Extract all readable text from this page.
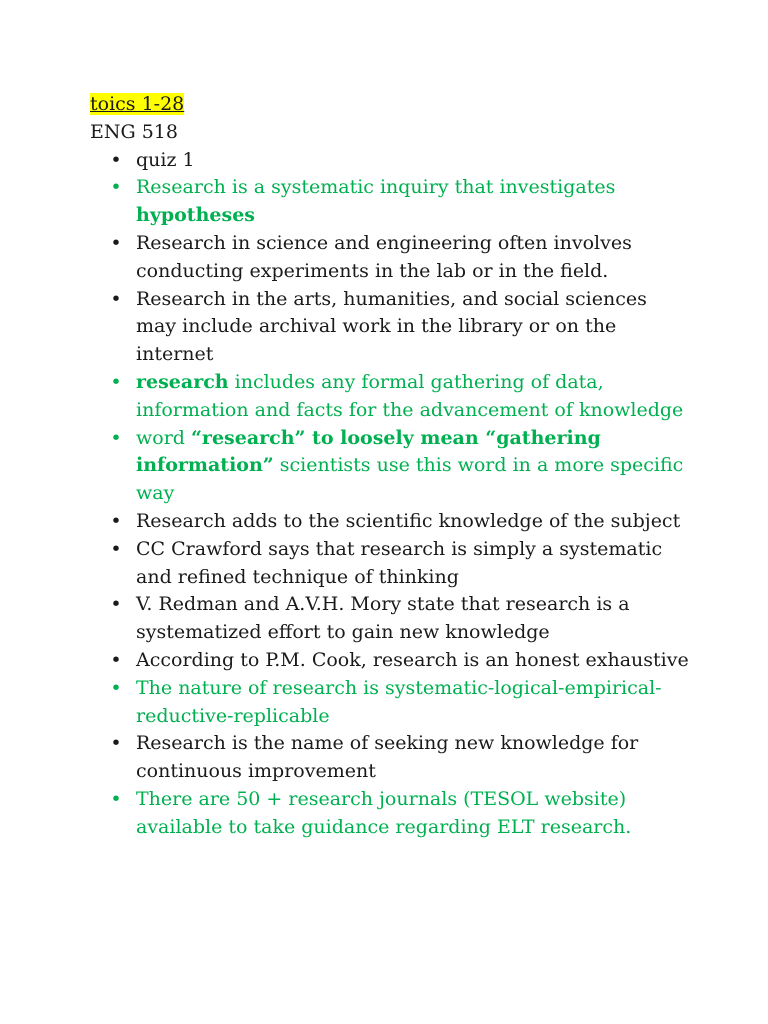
toics 1-28
ENG 518
• quiz 1
• Research is a systematic inquiry that investigates hypotheses
• Research in science and engineering often involves conducting experiments in the lab or in the field.
• Research in the arts, humanities, and social sciences may include archival work in the library or on the internet
• research includes any formal gathering of data, information and facts for the advancement of knowledge
• word “research” to loosely mean “gathering information” scientists use this word in a more specific way
• Research adds to the scientific knowledge of the subject
• CC Crawford says that research is simply a systematic and refined technique of thinking
• V. Redman and A.V.H. Mory state that research is a systematized effort to gain new knowledge
• According to P.M. Cook, research is an honest exhaustive
• The nature of research is systematic-logical-empirical-reductive-replicable
• Research is the name of seeking new knowledge for continuous improvement
• There are 50 + research journals (TESOL website) available to take guidance regarding ELT research.
